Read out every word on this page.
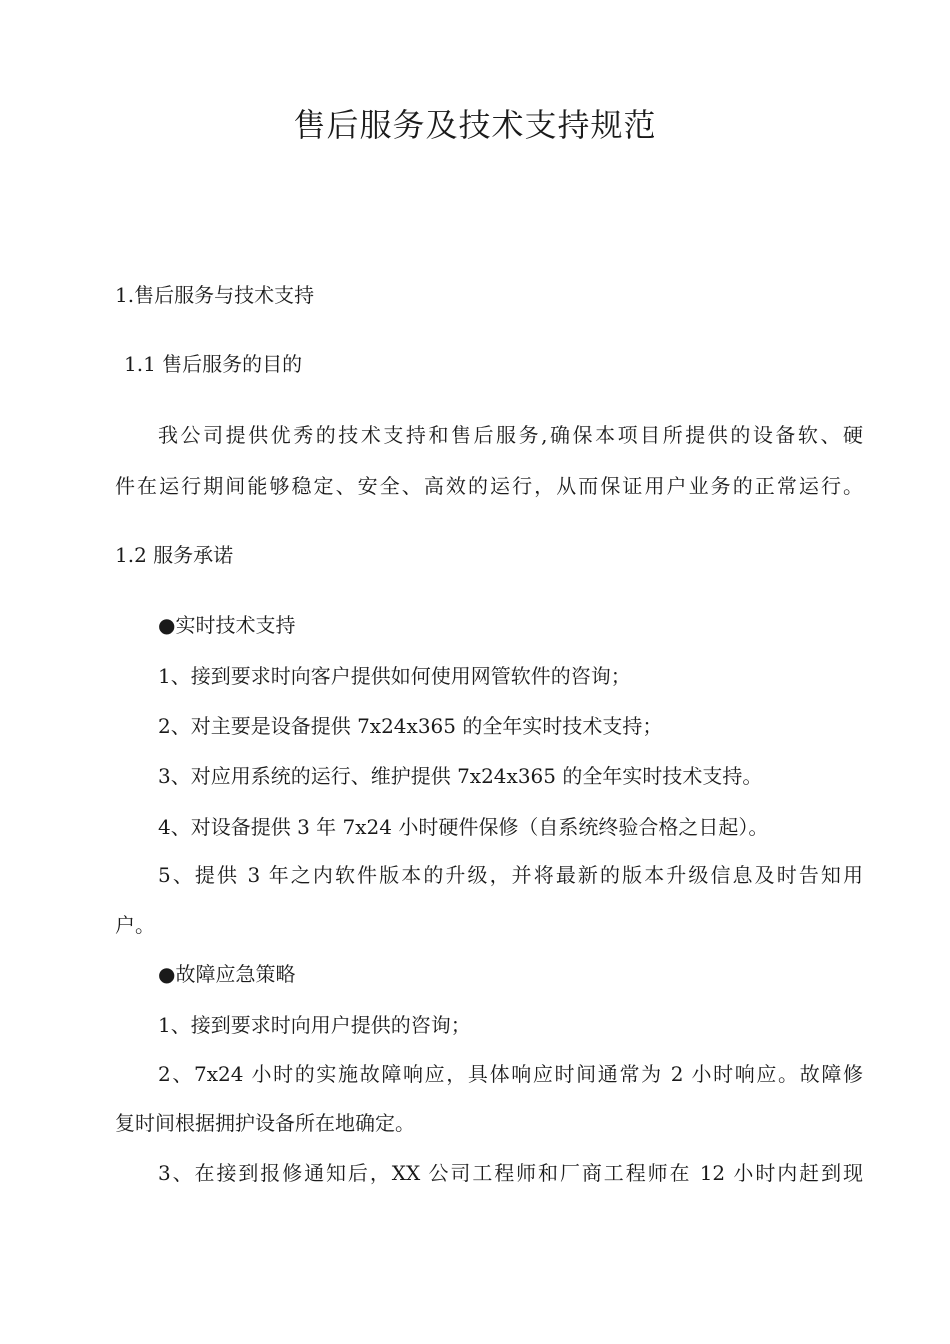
售后服务及技术支持规范
1.售后服务与技术支持
1.1 售后服务的目的
我公司提供优秀的技术支持和售后服务,确保本项目所提供的设备软、硬
件在运行期间能够稳定、安全、高效的运行，从而保证用户业务的正常运行。
1.2 服务承诺
●实时技术支持
1、接到要求时向客户提供如何使用网管软件的咨询；
2、对主要是设备提供 7x24x365 的全年实时技术支持；
3、对应用系统的运行、维护提供 7x24x365 的全年实时技术支持。
4、对设备提供 3 年 7x24 小时硬件保修（自系统终验合格之日起）。
5、提供 3 年之内软件版本的升级，并将最新的版本升级信息及时告知用
户。
●故障应急策略
1、接到要求时向用户提供的咨询；
2、7x24 小时的实施故障响应，具体响应时间通常为 2 小时响应。故障修
复时间根据拥护设备所在地确定。
3、在接到报修通知后，XX 公司工程师和厂商工程师在 12 小时内赶到现
